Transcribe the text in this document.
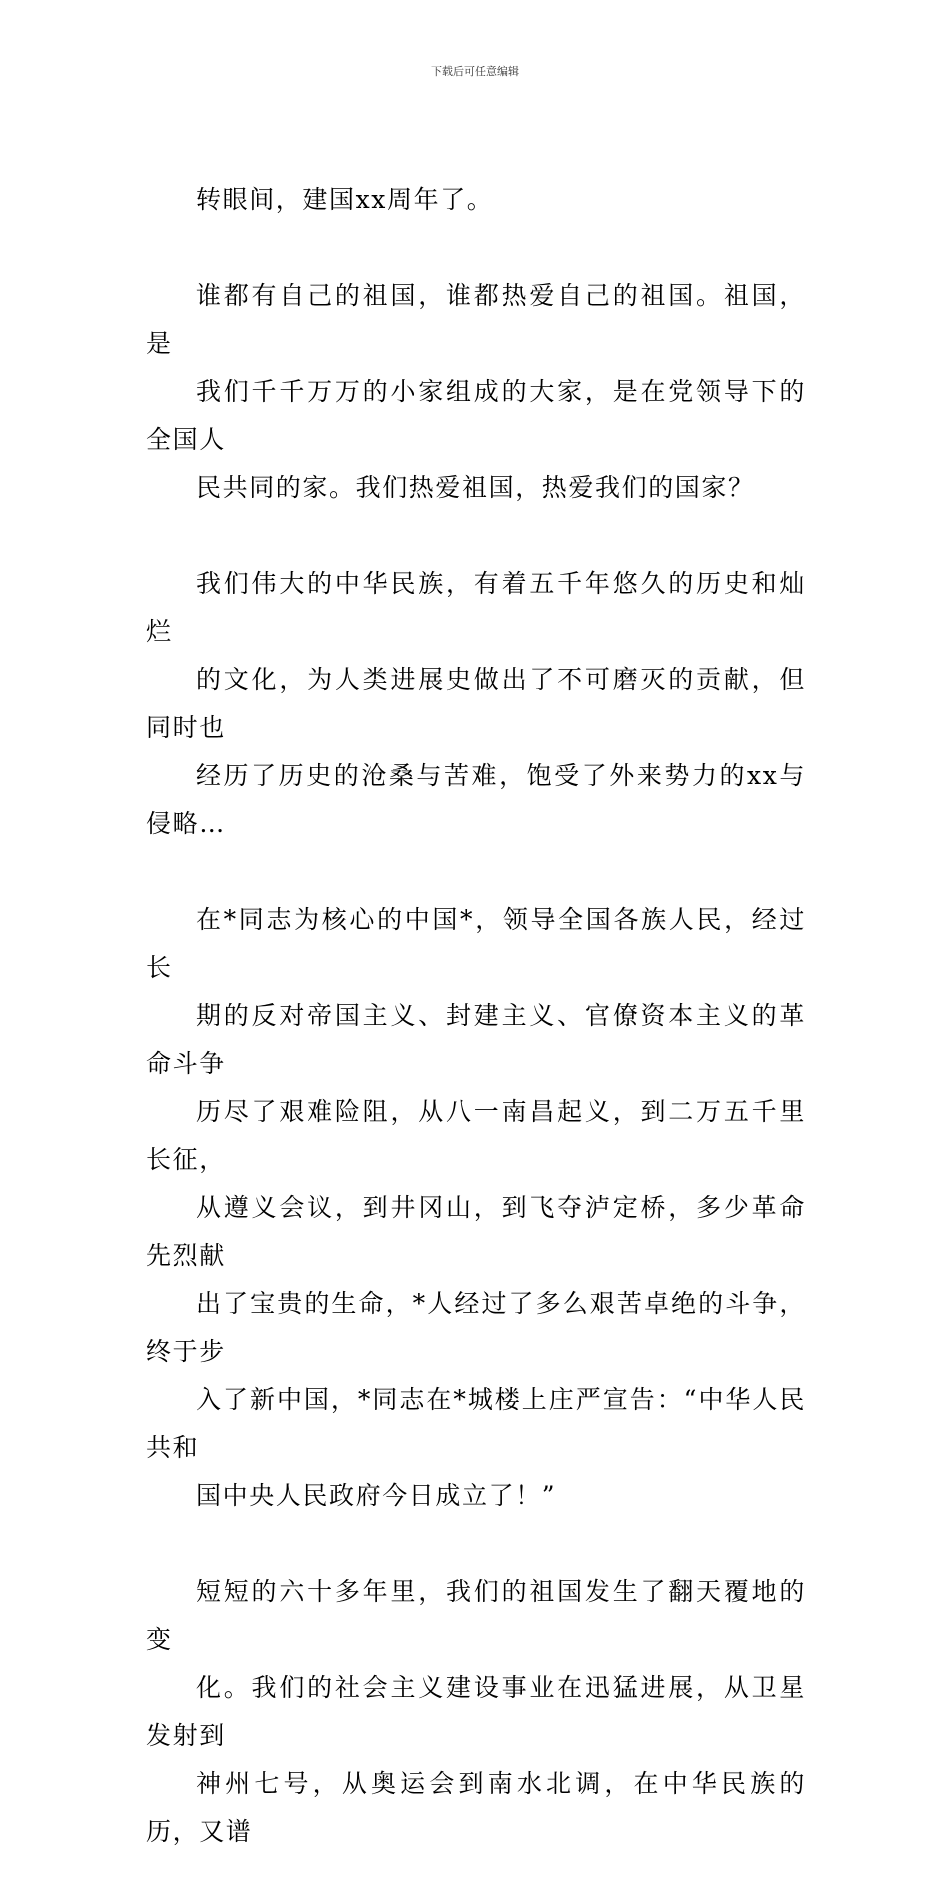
下载后可任意编辑

转眼间，建国xx周年了。

谁都有自己的祖国，谁都热爱自己的祖国。祖国，是
我们千千万万的小家组成的大家，是在党领导下的全国人
民共同的家。我们热爱祖国，热爱我们的国家？

我们伟大的中华民族，有着五千年悠久的历史和灿烂
的文化，为人类进展史做出了不可磨灭的贡献，但同时也
经历了历史的沧桑与苦难，饱受了外来势力的xx与侵略…

在*同志为核心的中国*，领导全国各族人民，经过长
期的反对帝国主义、封建主义、官僚资本主义的革命斗争
历尽了艰难险阻，从八一南昌起义，到二万五千里长征，
从遵义会议，到井冈山，到飞夺泸定桥，多少革命先烈献
出了宝贵的生命，*人经过了多么艰苦卓绝的斗争，终于步
入了新中国，*同志在*城楼上庄严宣告：“中华人民共和
国中央人民政府今日成立了！”

短短的六十多年里，我们的祖国发生了翻天覆地的变
化。我们的社会主义建设事业在迅猛进展，从卫星发射到
神州七号，从奥运会到南水北调，在中华民族的历，又谱
